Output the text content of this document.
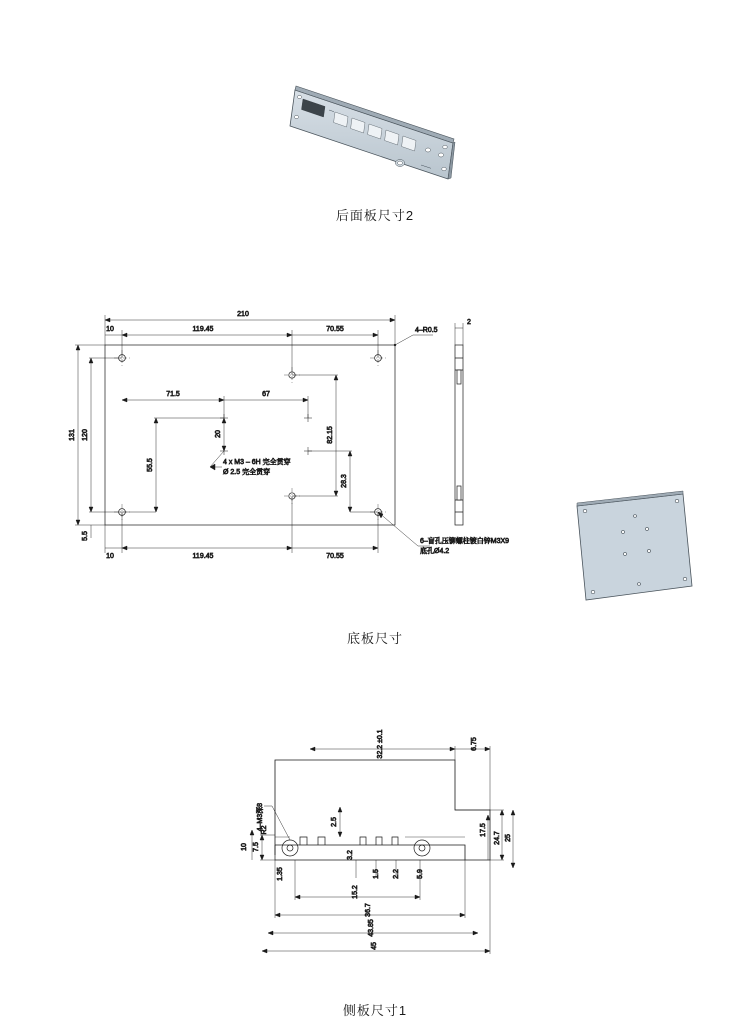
后面板尺寸2
210
119.45	70.55
10
119.45	70.55
10
131 120
5.5
71.5	67
20
55.5
82.15
28.3
4–R0.5
4 x M3 – 6H 完全贯穿
Ø 2.5 完全贯穿
6–盲孔压铆螺柱镀白锌M3X9
底孔Ø4.2
2
底板尺寸
32.2 ±0.1	6.75
17.5
24.7 25
7.5
10
4–M3深8	2.5
3.2
1.5 2.2 5.9
1.35
R2
15.2
36.7
43.85
45
侧板尺寸1
